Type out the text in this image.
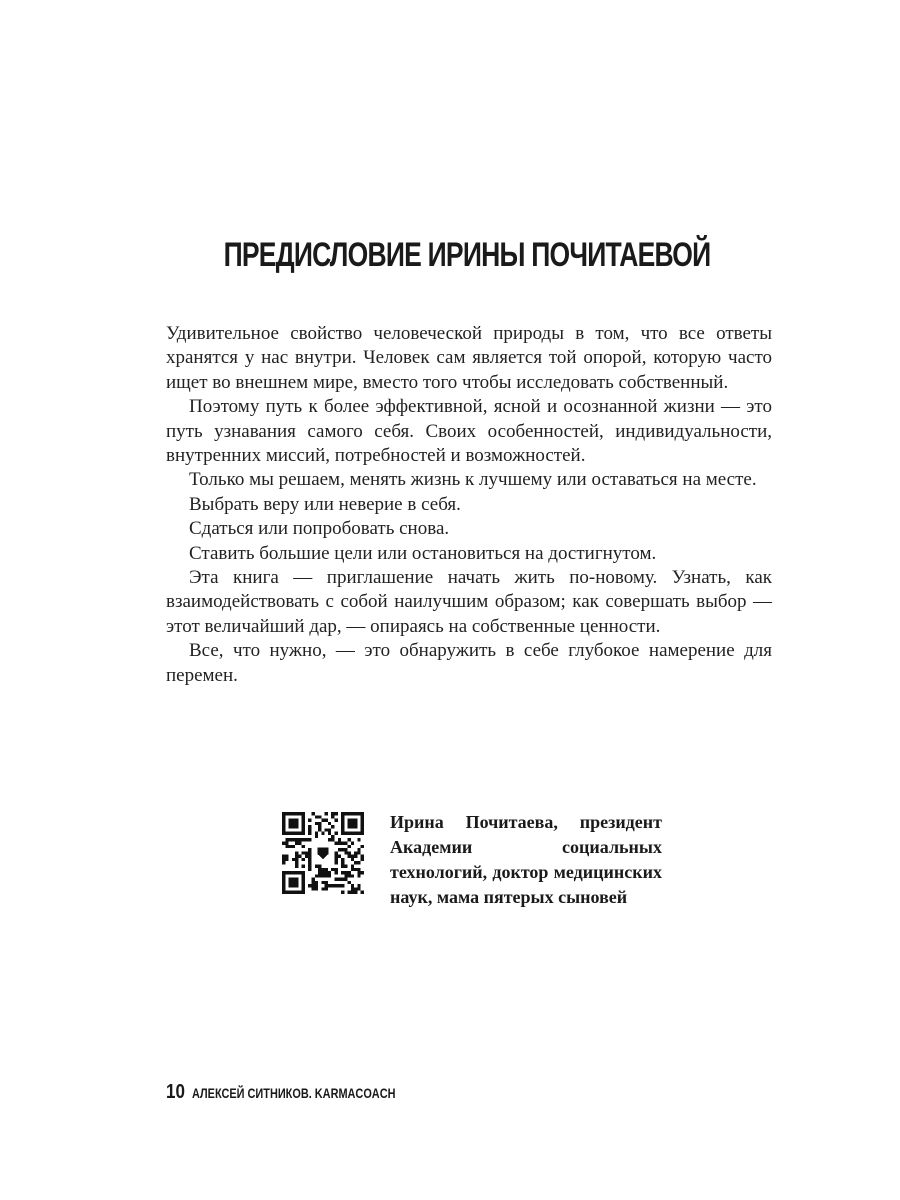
ПРЕДИСЛОВИЕ ИРИНЫ ПОЧИТАЕВОЙ

Удивительное свойство человеческой природы в том, что все ответы хранятся у нас внутри. Человек сам является той опорой, которую часто ищет во внешнем мире, вместо того чтобы исследовать собственный.

Поэтому путь к более эффективной, ясной и осознанной жизни — это путь узнавания самого себя. Своих особенностей, индивидуальности, внутренних миссий, потребностей и возможностей.

Только мы решаем, менять жизнь к лучшему или оставаться на месте.

Выбрать веру или неверие в себя.

Сдаться или попробовать снова.

Ставить большие цели или остановиться на достигнутом.

Эта книга — приглашение начать жить по-новому. Узнать, как взаимодействовать с собой наилучшим образом; как совершать выбор — этот величайший дар, — опираясь на собственные ценности.

Все, что нужно, — это обнаружить в себе глубокое намерение для перемен.

Ирина Почитаева, президент Академии социальных технологий, доктор медицинских наук, мама пятерых сыновей
10 АЛЕКСЕЙ СИТНИКОВ. KARMACOACH
